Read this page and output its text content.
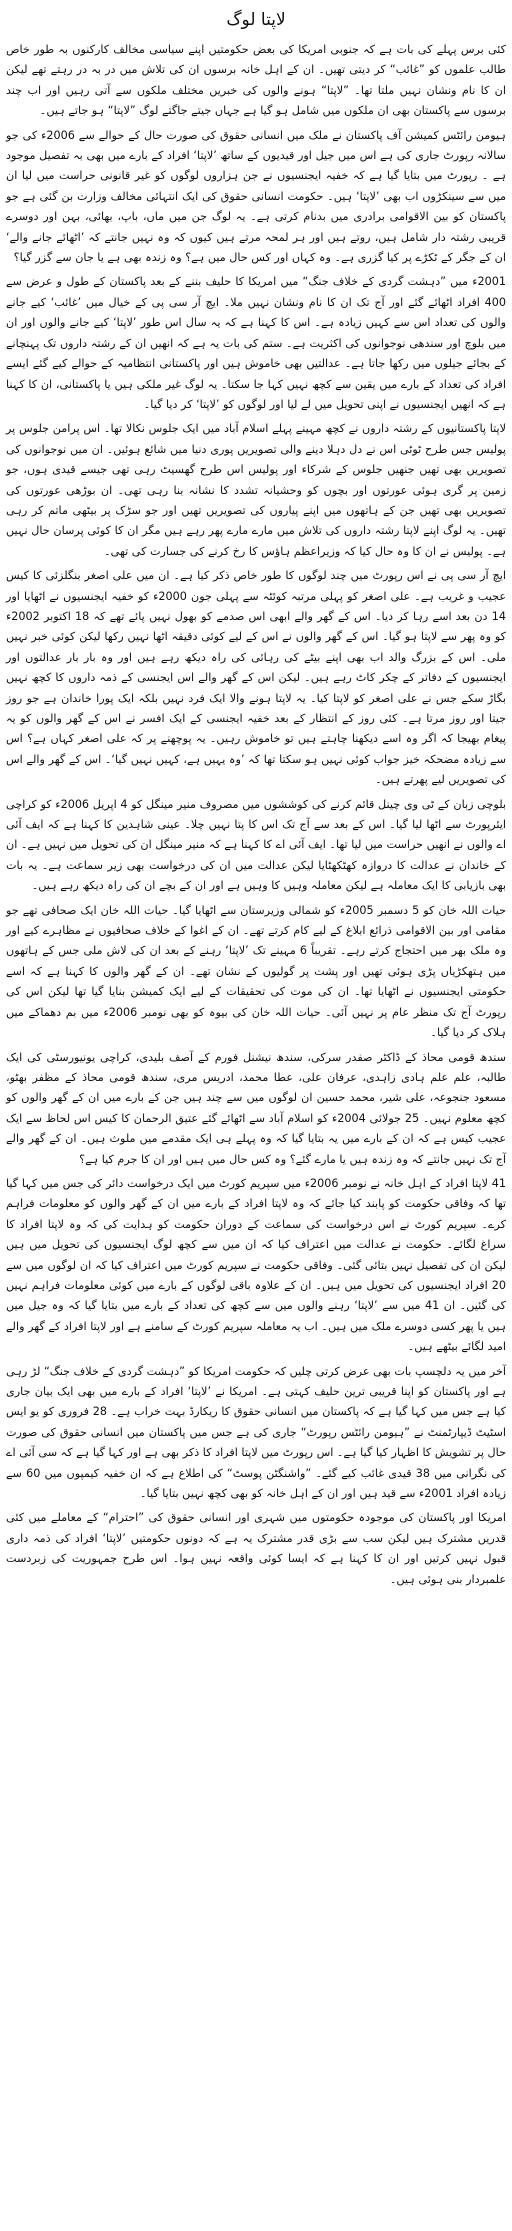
لاپتا لوگ

کئی برس پہلے کی بات ہے کہ جنوبی امریکا کی بعض حکومتیں اپنے سیاسی مخالف کارکنوں بہ طور خاص طالب علموں کو ”غائب“ کر دیتی تھیں۔ ان کے اہل خانہ برسوں ان کی تلاش میں در بہ در رہتے تھے لیکن ان کا نام ونشان نہیں ملتا تھا۔ ”لاپتا“ ہونے والوں کی خبریں مختلف ملکوں سے آتی رہیں اور اب چند برسوں سے پاکستان بھی ان ملکوں میں شامل ہو گیا ہے جہاں جیتے جاگتے لوگ ”لاپتا“ ہو جاتے ہیں۔

ہیومن رائٹس کمیشن آف پاکستان نے ملک میں انسانی حقوق کی صورت حال کے حوالے سے 2006ء کی جو سالانہ رپورٹ جاری کی ہے اس میں جیل اور قیدیوں کے ساتھ ’لاپتا‘ افراد کے بارے میں بھی بہ تفصیل موجود ہے ۔ رپورٹ میں بتایا گیا ہے کہ خفیہ ایجنسیوں نے جن ہزاروں لوگوں کو غیر قانونی حراست میں لیا ان میں سے سینکڑوں اب بھی ’لاپتا‘ ہیں۔ حکومت انسانی حقوق کی ایک انتہائی مخالف وزارت بن گئی ہے جو پاکستان کو بین الاقوامی برادری میں بدنام کرتی ہے۔ یہ لوگ جن میں ماں، باپ، بھائی، بہن اور دوسرے قریبی رشتہ دار شامل ہیں، روتے ہیں اور ہر لمحہ مرتے ہیں کیوں کہ وہ نہیں جانتے کہ ’اٹھائے جانے والے‘ ان کے جگر کے ٹکڑے پر کیا گزری ہے۔ وہ کہاں اور کس حال میں ہے؟ وہ زندہ بھی ہے یا جان سے گزر گیا؟

2001ء میں ”دہشت گردی کے خلاف جنگ“ میں امریکا کا حلیف بننے کے بعد پاکستان کے طول و عرض سے 400 افراد اٹھائے گئے اور آج تک ان کا نام ونشان نہیں ملا۔ ایچ آر سی پی کے خیال میں ’غائب‘ کیے جانے والوں کی تعداد اس سے کہیں زیادہ ہے۔ اس کا کہنا ہے کہ یہ سال اس طور ’لاپتا‘ کیے جانے والوں اور ان میں بلوچ اور سندھی نوجوانوں کی اکثریت ہے۔ ستم کی بات یہ ہے کہ انھیں ان کے رشتہ داروں تک پہنچانے کے بجائے جیلوں میں رکھا جاتا ہے۔ عدالتیں بھی خاموش ہیں اور پاکستانی انتظامیہ کے حوالے کیے گئے ایسے افراد کی تعداد کے بارے میں یقین سے کچھ نہیں کہا جا سکتا۔ یہ لوگ غیر ملکی ہیں یا پاکستانی، ان کا کہنا ہے کہ انھیں ایجنسیوں نے اپنی تحویل میں لے لیا اور لوگوں کو ’لاپتا‘ کر دیا گیا۔

لاپتا پاکستانیوں کے رشتہ داروں نے کچھ مہینے پہلے اسلام آباد میں ایک جلوس نکالا تھا۔ اس پرامن جلوس پر پولیس جس طرح ٹوٹی اس نے دل دہلا دینے والی تصویریں پوری دنیا میں شائع ہوئیں۔ ان میں نوجوانوں کی تصویریں بھی تھیں جنھیں جلوس کے شرکاء اور پولیس اس طرح گھسیٹ رہی تھی جیسے قیدی ہوں، جو زمین پر گری ہوئی عورتوں اور بچوں کو وحشیانہ تشدد کا نشانہ بنا رہی تھی۔ ان بوڑھی عورتوں کی تصویریں بھی تھیں جن کے ہاتھوں میں اپنے پیاروں کی تصویریں تھیں اور جو سڑک پر بیٹھی ماتم کر رہی تھیں۔ یہ لوگ اپنے لاپتا رشتہ داروں کی تلاش میں مارے مارے پھر رہے ہیں مگر ان کا کوئی پرسان حال نہیں ہے۔ پولیس نے ان کا وہ حال کیا کہ وزیراعظم ہاؤس کا رخ کرنے کی جسارت کی تھی۔

ایچ آر سی پی نے اس رپورٹ میں چند لوگوں کا طور خاص ذکر کیا ہے۔ ان میں علی اصغر بنگلزئی کا کیس عجیب و غریب ہے۔ علی اصغر کو پہلی مرتبہ کوئٹہ سے پہلی جون 2000ء کو خفیہ ایجنسیوں نے اٹھایا اور 14 دن بعد اسے رہا کر دیا۔ اس کے گھر والے ابھی اس صدمے کو بھول نہیں پائے تھے کہ 18 اکتوبر 2002ء کو وہ پھر سے لاپتا ہو گیا۔ اس کے گھر والوں نے اس کے لیے کوئی دقیقہ اٹھا نہیں رکھا لیکن کوئی خبر نہیں ملی۔ اس کے بزرگ والد اب بھی اپنے بیٹے کی رہائی کی راہ دیکھ رہے ہیں اور وہ بار بار عدالتوں اور ایجنسیوں کے دفاتر کے چکر کاٹ رہے ہیں۔ لیکن اس کے گھر والے اس ایجنسی کے ذمہ داروں کا کچھ نہیں بگاڑ سکے جس نے علی اصغر کو لاپتا کیا۔ یہ لاپتا ہونے والا ایک فرد نہیں بلکہ ایک پورا خاندان ہے جو روز جیتا اور روز مرتا ہے۔ کئی روز کے انتظار کے بعد خفیہ ایجنسی کے ایک افسر نے اس کے گھر والوں کو یہ پیغام بھیجا کہ اگر وہ اسے دیکھنا چاہتے ہیں تو خاموش رہیں۔ یہ پوچھنے پر کہ علی اصغر کہاں ہے؟ اس سے زیادہ مضحکہ خیز جواب کوئی نہیں ہو سکتا تھا کہ ’وہ یہیں ہے، کہیں نہیں گیا‘۔ اس کے گھر والے اس کی تصویریں لیے پھرتے ہیں۔

بلوچی زبان کے ٹی وی چینل قائم کرنے کی کوششوں میں مصروف منیر مینگل کو 4 اپریل 2006ء کو کراچی ایئرپورٹ سے اٹھا لیا گیا۔ اس کے بعد سے آج تک اس کا پتا نہیں چلا۔ عینی شاہدین کا کہنا ہے کہ ایف آئی اے والوں نے انھیں حراست میں لیا تھا۔ ایف آئی اے کا کہنا ہے کہ منیر مینگل ان کی تحویل میں نہیں ہے۔ ان کے خاندان نے عدالت کا دروازہ کھٹکھٹایا لیکن عدالت میں ان کی درخواست بھی زیر سماعت ہے۔ یہ بات بھی بازیابی کا ایک معاملہ ہے لیکن معاملہ وہیں کا وہیں ہے اور ان کے بچے ان کی راہ دیکھ رہے ہیں۔

حیات اللہ خان کو 5 دسمبر 2005ء کو شمالی وزیرستان سے اٹھایا گیا۔ حیات اللہ خان ایک صحافی تھے جو مقامی اور بین الاقوامی ذرائع ابلاغ کے لیے کام کرتے تھے۔ ان کے اغوا کے خلاف صحافیوں نے مظاہرے کیے اور وہ ملک بھر میں احتجاج کرتے رہے۔ تقریباً 6 مہینے تک ’لاپتا‘ رہنے کے بعد ان کی لاش ملی جس کے ہاتھوں میں ہتھکڑیاں پڑی ہوئی تھیں اور پشت پر گولیوں کے نشان تھے۔ ان کے گھر والوں کا کہنا ہے کہ اسے حکومتی ایجنسیوں نے اٹھایا تھا۔ ان کی موت کی تحقیقات کے لیے ایک کمیشن بنایا گیا تھا لیکن اس کی رپورٹ آج تک منظر عام پر نہیں آئی۔ حیات اللہ خان کی بیوہ کو بھی نومبر 2006ء میں بم دھماکے میں ہلاک کر دیا گیا۔

سندھ قومی محاذ کے ڈاکٹر صفدر سرکی، سندھ نیشنل فورم کے آصف بلیدی، کراچی یونیورسٹی کی ایک طالبہ، علم علم ہادی زاہدی، عرفان علی، عطا محمد، ادریس مری، سندھ قومی محاذ کے مظفر بھٹو، مسعود جنجوعہ، علی شیر، محمد حسین ان لوگوں میں سے چند ہیں جن کے بارے میں ان کے گھر والوں کو کچھ معلوم نہیں۔ 25 جولائی 2004ء کو اسلام آباد سے اٹھائے گئے عتیق الرحمان کا کیس اس لحاظ سے ایک عجیب کیس ہے کہ ان کے بارے میں یہ بتایا گیا کہ وہ پہلے ہی ایک مقدمے میں ملوث ہیں۔ ان کے گھر والے آج تک نہیں جانتے کہ وہ زندہ ہیں یا مارے گئے؟ وہ کس حال میں ہیں اور ان کا جرم کیا ہے؟

41 لاپتا افراد کے اہل خانہ نے نومبر 2006ء میں سپریم کورٹ میں ایک درخواست دائر کی جس میں کہا گیا تھا کہ وفاقی حکومت کو پابند کیا جائے کہ وہ لاپتا افراد کے بارے میں ان کے گھر والوں کو معلومات فراہم کرے۔ سپریم کورٹ نے اس درخواست کی سماعت کے دوران حکومت کو ہدایت کی کہ وہ لاپتا افراد کا سراغ لگائے۔ حکومت نے عدالت میں اعتراف کیا کہ ان میں سے کچھ لوگ ایجنسیوں کی تحویل میں ہیں لیکن ان کی تفصیل نہیں بتائی گئی۔ وفاقی حکومت نے سپریم کورٹ میں اعتراف کیا کہ ان لوگوں میں سے 20 افراد ایجنسیوں کی تحویل میں ہیں۔ ان کے علاوہ باقی لوگوں کے بارے میں کوئی معلومات فراہم نہیں کی گئیں۔ ان 41 میں سے ’لاپتا‘ رہنے والوں میں سے کچھ کی تعداد کے بارے میں بتایا گیا کہ وہ جیل میں ہیں یا پھر کسی دوسرے ملک میں ہیں۔ اب یہ معاملہ سپریم کورٹ کے سامنے ہے اور لاپتا افراد کے گھر والے امید لگائے بیٹھے ہیں۔

آخر میں یہ دلچسپ بات بھی عرض کرتی چلیں کہ حکومت امریکا کو ”دہشت گردی کے خلاف جنگ“ لڑ رہی ہے اور پاکستان کو اپنا قریبی ترین حلیف کہتی ہے۔ امریکا نے ’لاپتا‘ افراد کے بارے میں بھی ایک بیان جاری کیا ہے جس میں کہا گیا ہے کہ پاکستان میں انسانی حقوق کا ریکارڈ بہت خراب ہے۔ 28 فروری کو یو ایس اسٹیٹ ڈیپارٹمنٹ نے ”ہیومن رائٹس رپورٹ“ جاری کی ہے جس میں پاکستان میں انسانی حقوق کی صورت حال پر تشویش کا اظہار کیا گیا ہے۔ اس رپورٹ میں لاپتا افراد کا ذکر بھی ہے اور کہا گیا ہے کہ سی آئی اے کی نگرانی میں 38 قیدی غائب کیے گئے۔ ”واشنگٹن پوسٹ“ کی اطلاع ہے کہ ان خفیہ کیمپوں میں 60 سے زیادہ افراد 2001ء سے قید ہیں اور ان کے اہل خانہ کو بھی کچھ نہیں بتایا گیا۔

امریکا اور پاکستان کی موجودہ حکومتوں میں شہری اور انسانی حقوق کی ”احترام“ کے معاملے میں کئی قدریں مشترک ہیں لیکن سب سے بڑی قدر مشترک یہ ہے کہ دونوں حکومتیں ’لاپتا‘ افراد کی ذمہ داری قبول نہیں کرتیں اور ان کا کہنا ہے کہ ایسا کوئی واقعہ نہیں ہوا۔ اس طرح جمہوریت کی زبردست علمبردار بنی ہوئی ہیں۔
